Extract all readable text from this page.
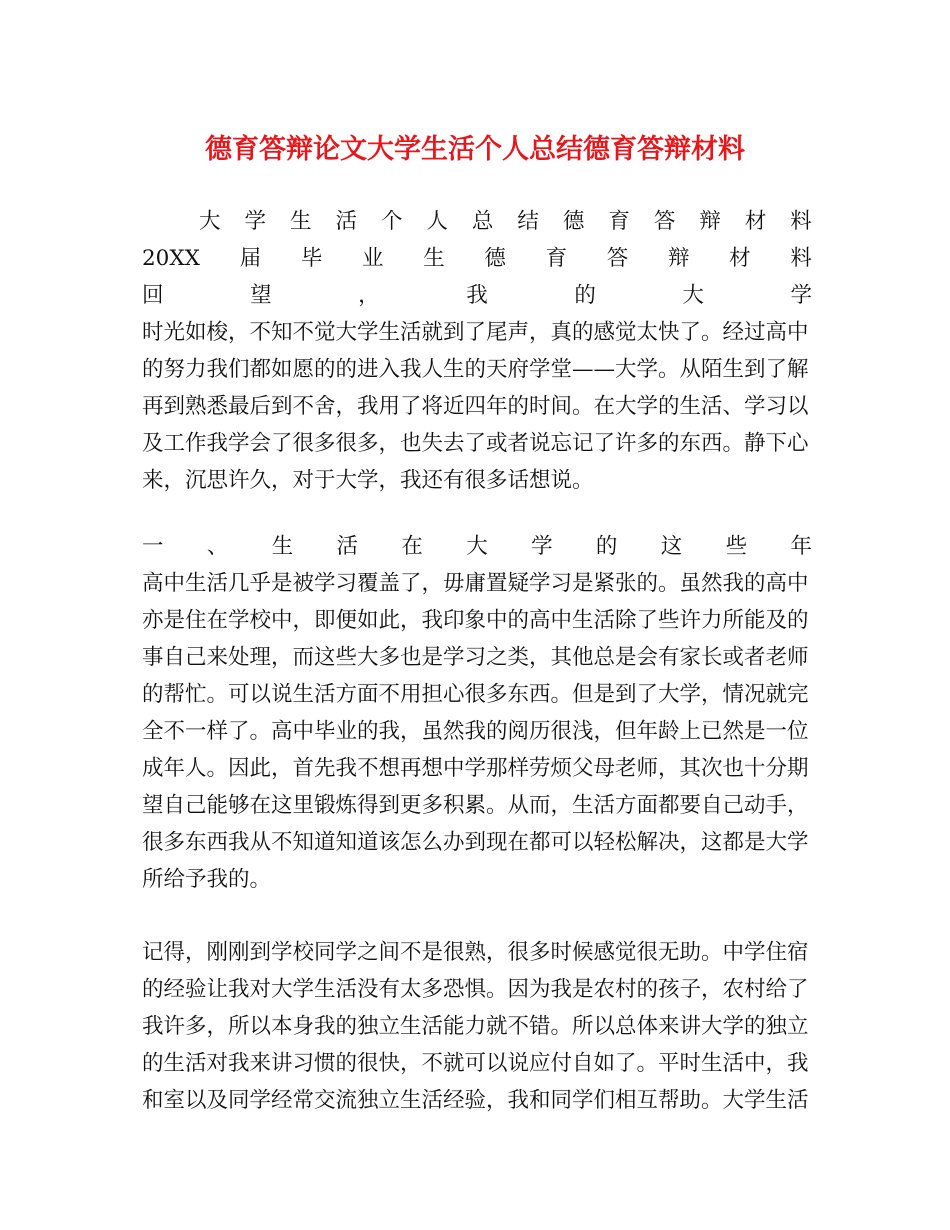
德育答辩论文大学生活个人总结德育答辩材料
大 学 生 活 个 人 总 结 德 育 答 辩 材 料
20XX 届 毕 业 生 德 育 答 辩 材 料
回	望	，	我	的	大	学
时光如梭，不知不觉大学生活就到了尾声，真的感觉太快了。经过高中
的努力我们都如愿的的进入我人生的天府学堂——大学。从陌生到了解
再到熟悉最后到不舍，我用了将近四年的时间。在大学的生活、学习以
及工作我学会了很多很多，也失去了或者说忘记了许多的东西。静下心
来，沉思许久，对于大学，我还有很多话想说。
一 、 生 活 在 大 学 的 这 些 年
高中生活几乎是被学习覆盖了，毋庸置疑学习是紧张的。虽然我的高中
亦是住在学校中，即便如此，我印象中的高中生活除了些许力所能及的
事自己来处理，而这些大多也是学习之类，其他总是会有家长或者老师
的帮忙。可以说生活方面不用担心很多东西。但是到了大学，情况就完
全不一样了。高中毕业的我，虽然我的阅历很浅，但年龄上已然是一位
成年人。因此，首先我不想再想中学那样劳烦父母老师，其次也十分期
望自己能够在这里锻炼得到更多积累。从而，生活方面都要自己动手，
很多东西我从不知道知道该怎么办到现在都可以轻松解决，这都是大学
所给予我的。
记得，刚刚到学校同学之间不是很熟，很多时候感觉很无助。中学住宿
的经验让我对大学生活没有太多恐惧。因为我是农村的孩子，农村给了
我许多，所以本身我的独立生活能力就不错。所以总体来讲大学的独立
的生活对我来讲习惯的很快，不就可以说应付自如了。平时生活中，我
和室以及同学经常交流独立生活经验，我和同学们相互帮助。大学生活
